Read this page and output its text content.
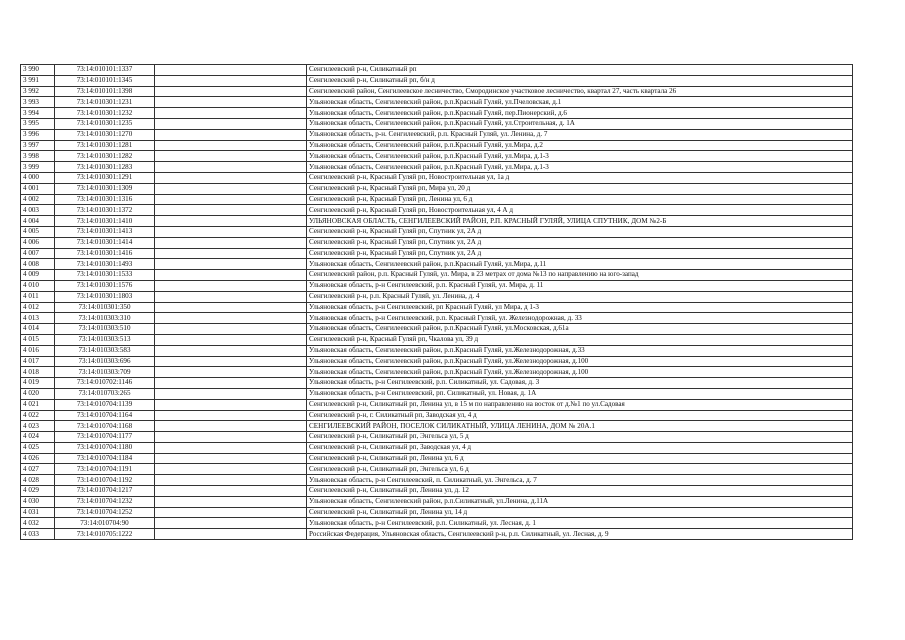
3 990	73:14:010101:1337		Сенгилеевский р-н, Силикатный рп
3 991	73:14:010101:1345		Сенгилеевский р-н, Силикатный рп, б/н д
3 992	73:14:010101:1398		Сенгилеевский район, Сенгилеевское лесничество, Смородинское участковое лесничество, квартал 27, часть квартала 26
3 993	73:14:010301:1231		Ульяновская область, Сенгилеевский район, р.п.Красный Гуляй, ул.Пчеловская, д.1
3 994	73:14:010301:1232		Ульяновская область, Сенгилеевский район, р.п.Красный Гуляй, пер.Пионерский, д.6
3 995	73:14:010301:1235		Ульяновская область, Сенгилеевский район, р.п.Красный Гуляй, ул.Строительная, д. 1А
3 996	73:14:010301:1270		Ульяновская область, р-н. Сенгилеевский, р.п. Красный Гуляй, ул. Ленина, д. 7
3 997	73:14:010301:1281		Ульяновская область, Сенгилеевский район, р.п.Красный Гуляй, ул.Мира, д.2
3 998	73:14:010301:1282		Ульяновская область, Сенгилеевский район, р.п.Красный Гуляй, ул.Мира, д.1-3
3 999	73:14:010301:1283		Ульяновская область, Сенгилеевский район, р.п.Красный Гуляй, ул.Мира, д.1-3
4 000	73:14:010301:1291		Сенгилеевский р-н, Красный Гуляй рп, Новостроительная ул, 1а д
4 001	73:14:010301:1309		Сенгилеевский р-н, Красный Гуляй рп, Мира ул, 20 д
4 002	73:14:010301:1316		Сенгилеевский р-н, Красный Гуляй рп, Ленина ул, 6 д
4 003	73:14:010301:1372		Сенгилеевский р-н, Красный Гуляй рп, Новостроительная ул, 4 А д
4 004	73:14:010301:1410		УЛЬЯНОВСКАЯ ОБЛАСТЬ, СЕНГИЛЕЕВСКИЙ РАЙОН, Р.П. КРАСНЫЙ ГУЛЯЙ, УЛИЦА СПУТНИК, ДОМ №2-Б
4 005	73:14:010301:1413		Сенгилеевский р-н, Красный Гуляй рп, Спутник ул, 2А д
4 006	73:14:010301:1414		Сенгилеевский р-н, Красный Гуляй рп, Спутник ул, 2А д
4 007	73:14:010301:1416		Сенгилеевский р-н, Красный Гуляй рп, Спутник ул, 2А д
4 008	73:14:010301:1493		Ульяновская область, Сенгилеевский район, р.п.Красный Гуляй, ул.Мира, д.11
4 009	73:14:010301:1533		Сенгилеевский район, р.п. Красный Гуляй, ул. Мира, в 23 метрах от дома №13 по направлению на юго-запад
4 010	73:14:010301:1576		Ульяновская область, р-н Сенгилеевский, р.п. Красный Гуляй, ул. Мира, д. 11
4 011	73:14:010301:1803		Сенгилеевский р-н, р.п. Красный Гуляй, ул. Ленина, д. 4
4 012	73:14:010301:350		Ульяновская область, р-н Сенгилеевский, рп Красный Гуляй, ул Мира, д 1-3
4 013	73:14:010303:310		Ульяновская область, р-н Сенгилеевский, р.п. Красный Гуляй, ул. Железнодорожная, д. 33
4 014	73:14:010303:510		Ульяновская область, Сенгилеевский район, р.п.Красный Гуляй, ул.Московская, д.61а
4 015	73:14:010303:513		Сенгилеевский р-н, Красный Гуляй рп, Чкалова ул, 39 д
4 016	73:14:010303:583		Ульяновская область, Сенгилеевский район, р.п.Красный Гуляй, ул.Железнодорожная, д.33
4 017	73:14:010303:696		Ульяновская область, Сенгилеевский район, р.п.Красный Гуляй, ул.Железнодорожная, д.100
4 018	73:14:010303:709		Ульяновская область, Сенгилеевский район, р.п.Красный Гуляй, ул.Железнодорожная, д.100
4 019	73:14:010702:1146		Ульяновская область, р-н Сенгилеевский, р.п. Силикатный, ул. Садовая, д. 3
4 020	73:14:010703:265		Ульяновская область, р-н Сенгилеевский, рп. Силикатный, ул. Новая, д. 1А
4 021	73:14:010704:1139		Сенгилеевский р-н, Силикатный рп, Ленина ул, в 15 м по направлению на восток от д.№1 по ул.Садовая
4 022	73:14:010704:1164		Сенгилеевский р-н, г. Силикатный рп, Заводская ул, 4 д
4 023	73:14:010704:1168		СЕНГИЛЕЕВСКИЙ РАЙОН, ПОСЕЛОК СИЛИКАТНЫЙ, УЛИЦА ЛЕНИНА, ДОМ № 20А.1
4 024	73:14:010704:1177		Сенгилеевский р-н, Силикатный рп, Энгельса ул, 5 д
4 025	73:14:010704:1180		Сенгилеевский р-н, Силикатный рп, Заводская ул, 4 д
4 026	73:14:010704:1184		Сенгилеевский р-н, Силикатный рп, Ленина ул, 6 д
4 027	73:14:010704:1191		Сенгилеевский р-н, Силикатный рп, Энгельса ул, 6 д
4 028	73:14:010704:1192		Ульяновская область, р-н Сенгилеевский, п. Силикатный, ул. Энгельса, д. 7
4 029	73:14:010704:1217		Сенгилеевский р-н, Силикатный рп, Ленина ул, д. 12
4 030	73:14:010704:1232		Ульяновская область, Сенгилеевский район, р.п.Силикатный, ул.Ленина, д.11А
4 031	73:14:010704:1252		Сенгилеевский р-н, Силикатный рп, Ленина ул, 14 д
4 032	73:14:010704:90		Ульяновская область, р-н Сенгилеевский, р.п. Силикатный, ул. Лесная, д. 1
4 033	73:14:010705:1222		Российская Федерация, Ульяновская область, Сенгилеевский р-н, р.п. Силикатный, ул. Лесная, д. 9
